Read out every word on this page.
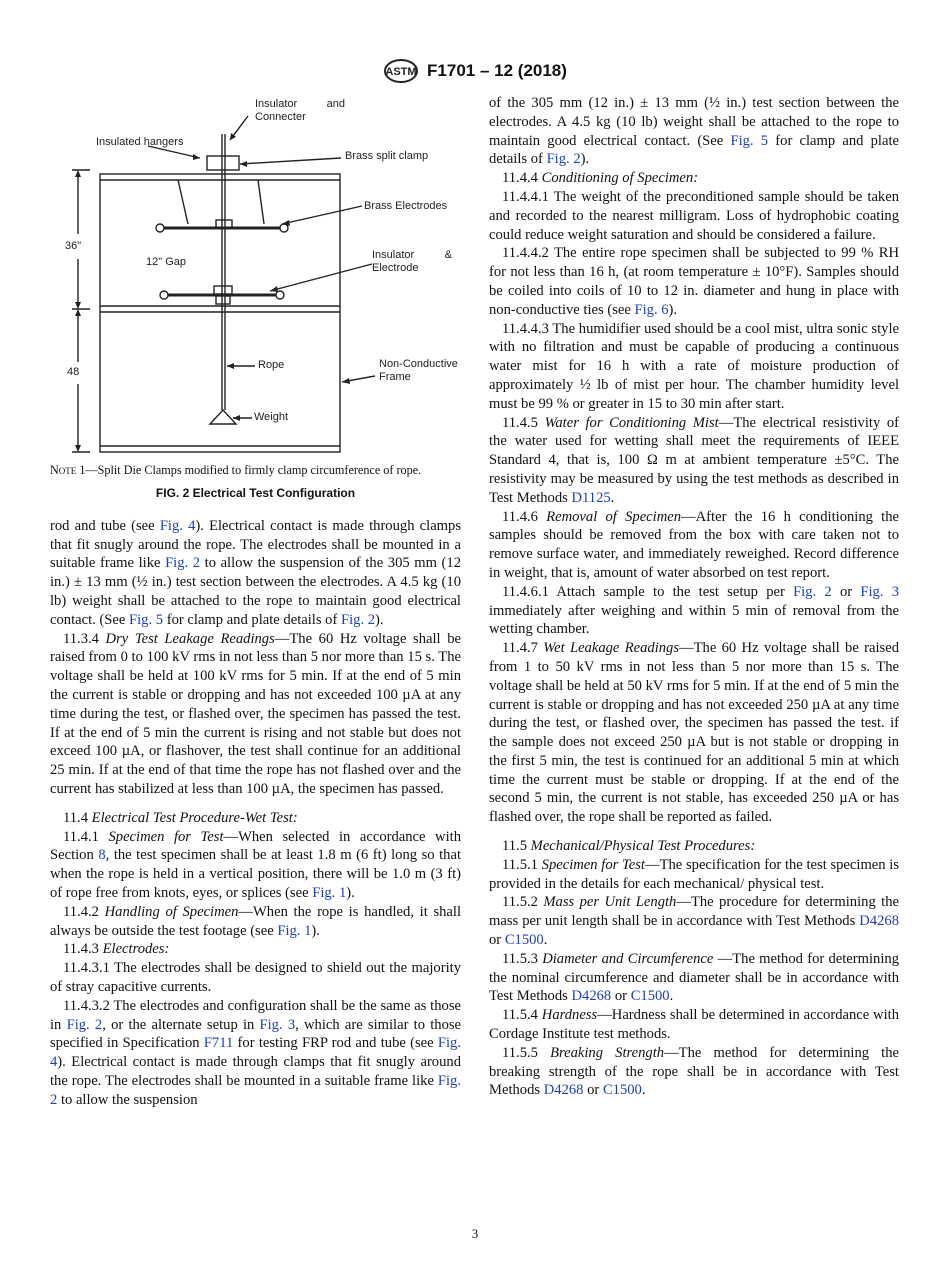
ASTM F1701 – 12 (2018)
Insulator and Connecter
Insulated hangers
Brass split clamp
Brass Electrodes
36"
12" Gap
Insulator & Electrode
48
Rope	Non-Conductive Frame
Weight

Note 1—Split Die Clamps modified to firmly clamp circumference of rope.

FIG. 2 Electrical Test Configuration

rod and tube (see Fig. 4). Electrical contact is made through clamps that fit snugly around the rope. The electrodes shall be mounted in a suitable frame like Fig. 2 to allow the suspension of the 305 mm (12 in.) ± 13 mm (½ in.) test section between the electrodes. A 4.5 kg (10 lb) weight shall be attached to the rope to maintain good electrical contact. (See Fig. 5 for clamp and plate details of Fig. 2).

11.3.4 Dry Test Leakage Readings—The 60 Hz voltage shall be raised from 0 to 100 kV rms in not less than 5 nor more than 15 s. The voltage shall be held at 100 kV rms for 5 min. If at the end of 5 min the current is stable or dropping and has not exceeded 100 µA at any time during the test, or flashed over, the specimen has passed the test. If at the end of 5 min the current is rising and not stable but does not exceed 100 µA, or flashover, the test shall continue for an additional 25 min. If at the end of that time the rope has not flashed over and the current has stabilized at less than 100 µA, the specimen has passed.

11.4 Electrical Test Procedure-Wet Test:

11.4.1 Specimen for Test—When selected in accordance with Section 8, the test specimen shall be at least 1.8 m (6 ft) long so that when the rope is held in a vertical position, there will be 1.0 m (3 ft) of rope free from knots, eyes, or splices (see Fig. 1).

11.4.2 Handling of Specimen—When the rope is handled, it shall always be outside the test footage (see Fig. 1).

11.4.3 Electrodes:

11.4.3.1 The electrodes shall be designed to shield out the majority of stray capacitive currents.

11.4.3.2 The electrodes and configuration shall be the same as those in Fig. 2, or the alternate setup in Fig. 3, which are similar to those specified in Specification F711 for testing FRP rod and tube (see Fig. 4). Electrical contact is made through clamps that fit snugly around the rope. The electrodes shall be mounted in a suitable frame like Fig. 2 to allow the suspension

of the 305 mm (12 in.) ± 13 mm (½ in.) test section between the electrodes. A 4.5 kg (10 lb) weight shall be attached to the rope to maintain good electrical contact. (See Fig. 5 for clamp and plate details of Fig. 2).

11.4.4 Conditioning of Specimen:

11.4.4.1 The weight of the preconditioned sample should be taken and recorded to the nearest milligram. Loss of hydrophobic coating could reduce weight saturation and should be considered a failure.

11.4.4.2 The entire rope specimen shall be subjected to 99 % RH for not less than 16 h, (at room temperature ± 10°F). Samples should be coiled into coils of 10 to 12 in. diameter and hung in place with non-conductive ties (see Fig. 6).

11.4.4.3 The humidifier used should be a cool mist, ultra sonic style with no filtration and must be capable of producing a continuous water mist for 16 h with a rate of moisture production of approximately ½ lb of mist per hour. The chamber humidity level must be 99 % or greater in 15 to 30 min after start.

11.4.5 Water for Conditioning Mist—The electrical resistivity of the water used for wetting shall meet the requirements of IEEE Standard 4, that is, 100 Ω m at ambient temperature ±5°C. The resistivity may be measured by using the test methods as described in Test Methods D1125.

11.4.6 Removal of Specimen—After the 16 h conditioning the samples should be removed from the box with care taken not to remove surface water, and immediately reweighed. Record difference in weight, that is, amount of water absorbed on test report.

11.4.6.1 Attach sample to the test setup per Fig. 2 or Fig. 3 immediately after weighing and within 5 min of removal from the wetting chamber.

11.4.7 Wet Leakage Readings—The 60 Hz voltage shall be raised from 1 to 50 kV rms in not less than 5 nor more than 15 s. The voltage shall be held at 50 kV rms for 5 min. If at the end of 5 min the current is stable or dropping and has not exceeded 250 µA at any time during the test, or flashed over, the specimen has passed the test. if the sample does not exceed 250 µA but is not stable or dropping in the first 5 min, the test is continued for an additional 5 min at which time the current must be stable or dropping. If at the end of the second 5 min, the current is not stable, has exceeded 250 µA or has flashed over, the rope shall be reported as failed.

11.5 Mechanical/Physical Test Procedures:

11.5.1 Specimen for Test—The specification for the test specimen is provided in the details for each mechanical/ physical test.

11.5.2 Mass per Unit Length—The procedure for determining the mass per unit length shall be in accordance with Test Methods D4268 or C1500.

11.5.3 Diameter and Circumference —The method for determining the nominal circumference and diameter shall be in accordance with Test Methods D4268 or C1500.

11.5.4 Hardness—Hardness shall be determined in accordance with Cordage Institute test methods.

11.5.5 Breaking Strength—The method for determining the breaking strength of the rope shall be in accordance with Test Methods D4268 or C1500.

3
